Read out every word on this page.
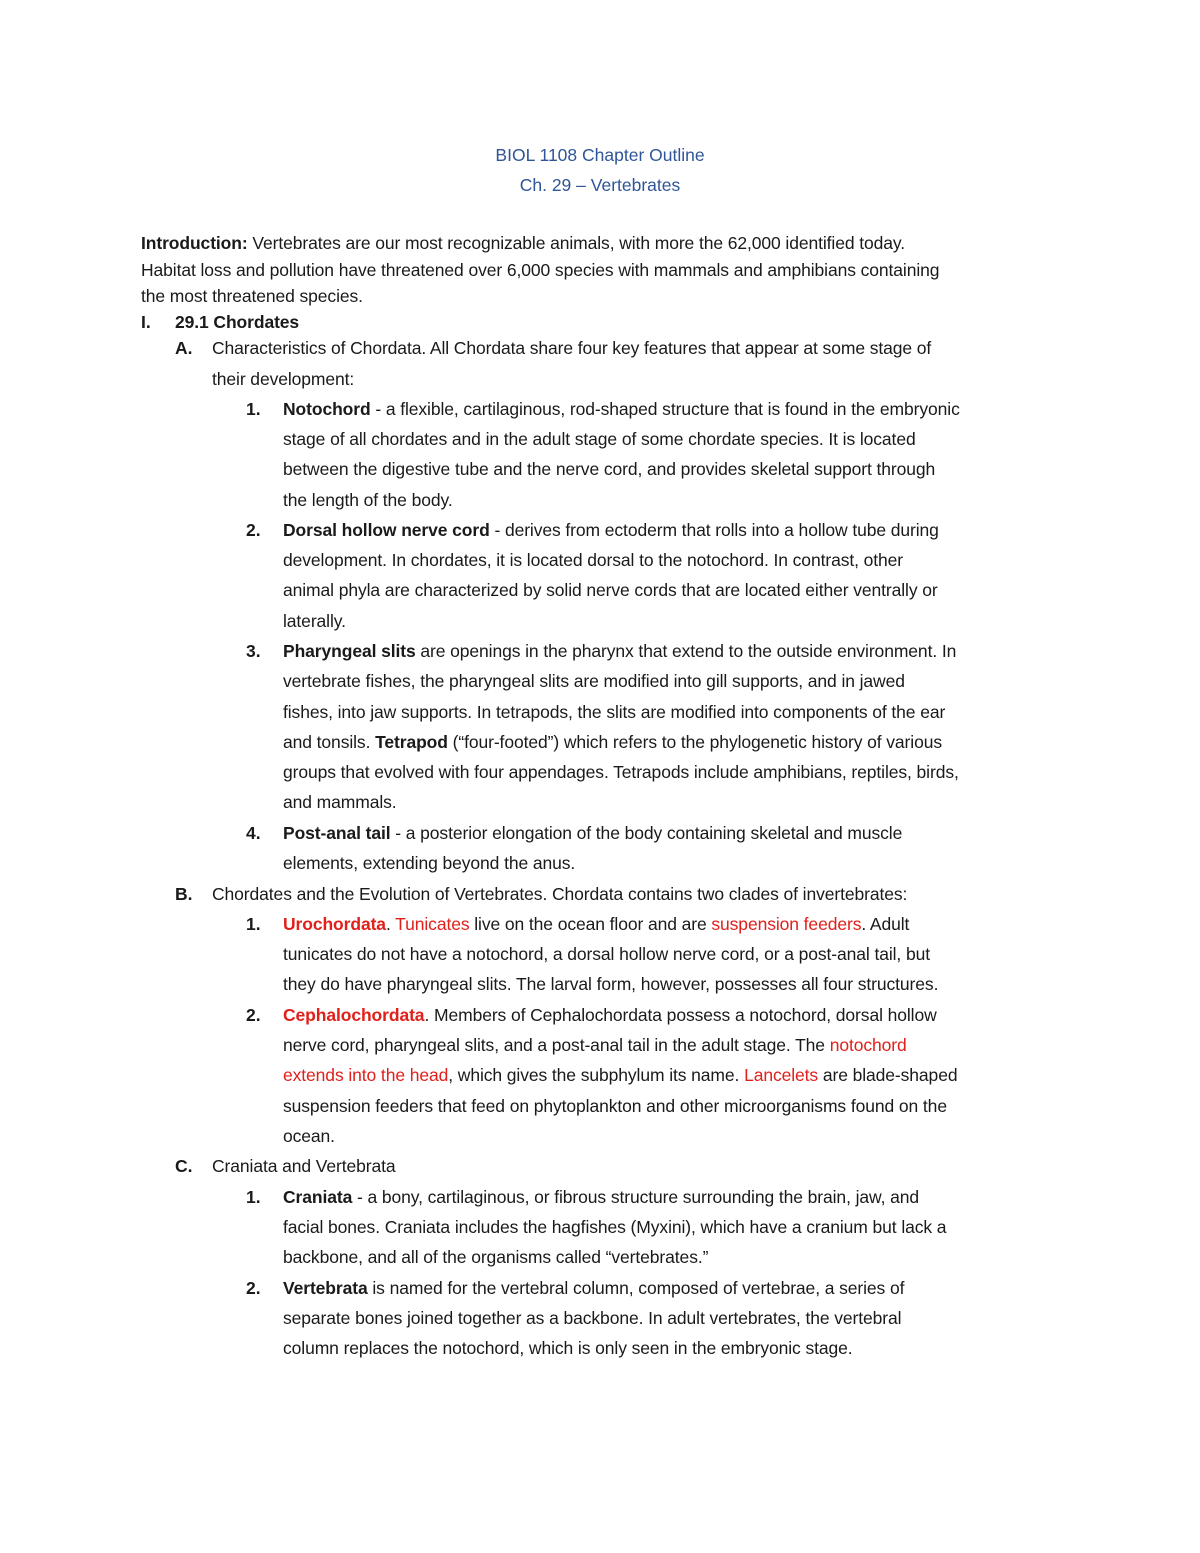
BIOL 1108 Chapter Outline
Ch. 29 – Vertebrates
Introduction: Vertebrates are our most recognizable animals, with more the 62,000 identified today.
Habitat loss and pollution have threatened over 6,000 species with mammals and amphibians containing
the most threatened species.
I. 29.1 Chordates
A. Characteristics of Chordata. All Chordata share four key features that appear at some stage of
their development:
1. Notochord - a flexible, cartilaginous, rod-shaped structure that is found in the embryonic
stage of all chordates and in the adult stage of some chordate species. It is located
between the digestive tube and the nerve cord, and provides skeletal support through
the length of the body.
2. Dorsal hollow nerve cord - derives from ectoderm that rolls into a hollow tube during
development. In chordates, it is located dorsal to the notochord. In contrast, other
animal phyla are characterized by solid nerve cords that are located either ventrally or
laterally.
3. Pharyngeal slits are openings in the pharynx that extend to the outside environment. In
vertebrate fishes, the pharyngeal slits are modified into gill supports, and in jawed
fishes, into jaw supports. In tetrapods, the slits are modified into components of the ear
and tonsils. Tetrapod (“four-footed”) which refers to the phylogenetic history of various
groups that evolved with four appendages. Tetrapods include amphibians, reptiles, birds,
and mammals.
4. Post-anal tail - a posterior elongation of the body containing skeletal and muscle
elements, extending beyond the anus.
B. Chordates and the Evolution of Vertebrates. Chordata contains two clades of invertebrates:
1. Urochordata. Tunicates live on the ocean floor and are suspension feeders. Adult
tunicates do not have a notochord, a dorsal hollow nerve cord, or a post-anal tail, but
they do have pharyngeal slits. The larval form, however, possesses all four structures.
2. Cephalochordata. Members of Cephalochordata possess a notochord, dorsal hollow
nerve cord, pharyngeal slits, and a post-anal tail in the adult stage. The notochord
extends into the head, which gives the subphylum its name. Lancelets are blade-shaped
suspension feeders that feed on phytoplankton and other microorganisms found on the
ocean.
C. Craniata and Vertebrata
1. Craniata - a bony, cartilaginous, or fibrous structure surrounding the brain, jaw, and
facial bones. Craniata includes the hagfishes (Myxini), which have a cranium but lack a
backbone, and all of the organisms called “vertebrates.”
2. Vertebrata is named for the vertebral column, composed of vertebrae, a series of
separate bones joined together as a backbone. In adult vertebrates, the vertebral
column replaces the notochord, which is only seen in the embryonic stage.
